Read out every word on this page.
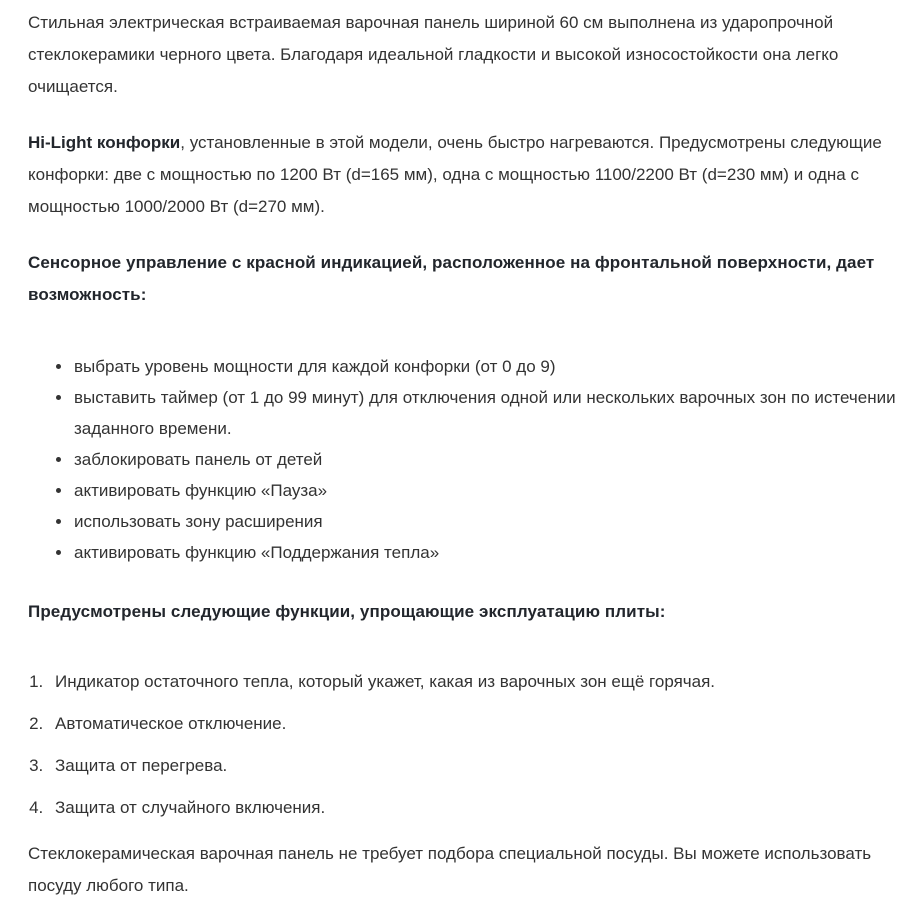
Стильная электрическая встраиваемая варочная панель шириной 60 см выполнена из ударопрочной стеклокерамики черного цвета. Благодаря идеальной гладкости и высокой износостойкости она легко очищается.

Hi-Light конфорки, установленные в этой модели, очень быстро нагреваются. Предусмотрены следующие конфорки: две с мощностью по 1200 Вт (d=165 мм), одна с мощностью 1100/2200 Вт (d=230 мм) и одна с мощностью 1000/2000 Вт (d=270 мм).

Сенсорное управление с красной индикацией, расположенное на фронтальной поверхности, дает возможность:

• выбрать уровень мощности для каждой конфорки (от 0 до 9)
• выставить таймер (от 1 до 99 минут) для отключения одной или нескольких варочных зон по истечении заданного времени.
• заблокировать панель от детей
• активировать функцию «Пауза»
• использовать зону расширения
• активировать функцию «Поддержания тепла»

Предусмотрены следующие функции, упрощающие эксплуатацию плиты:

1. Индикатор остаточного тепла, который укажет, какая из варочных зон ещё горячая.
2. Автоматическое отключение.
3. Защита от перегрева.
4. Защита от случайного включения.

Стеклокерамическая варочная панель не требует подбора специальной посуды. Вы можете использовать посуду любого типа.
